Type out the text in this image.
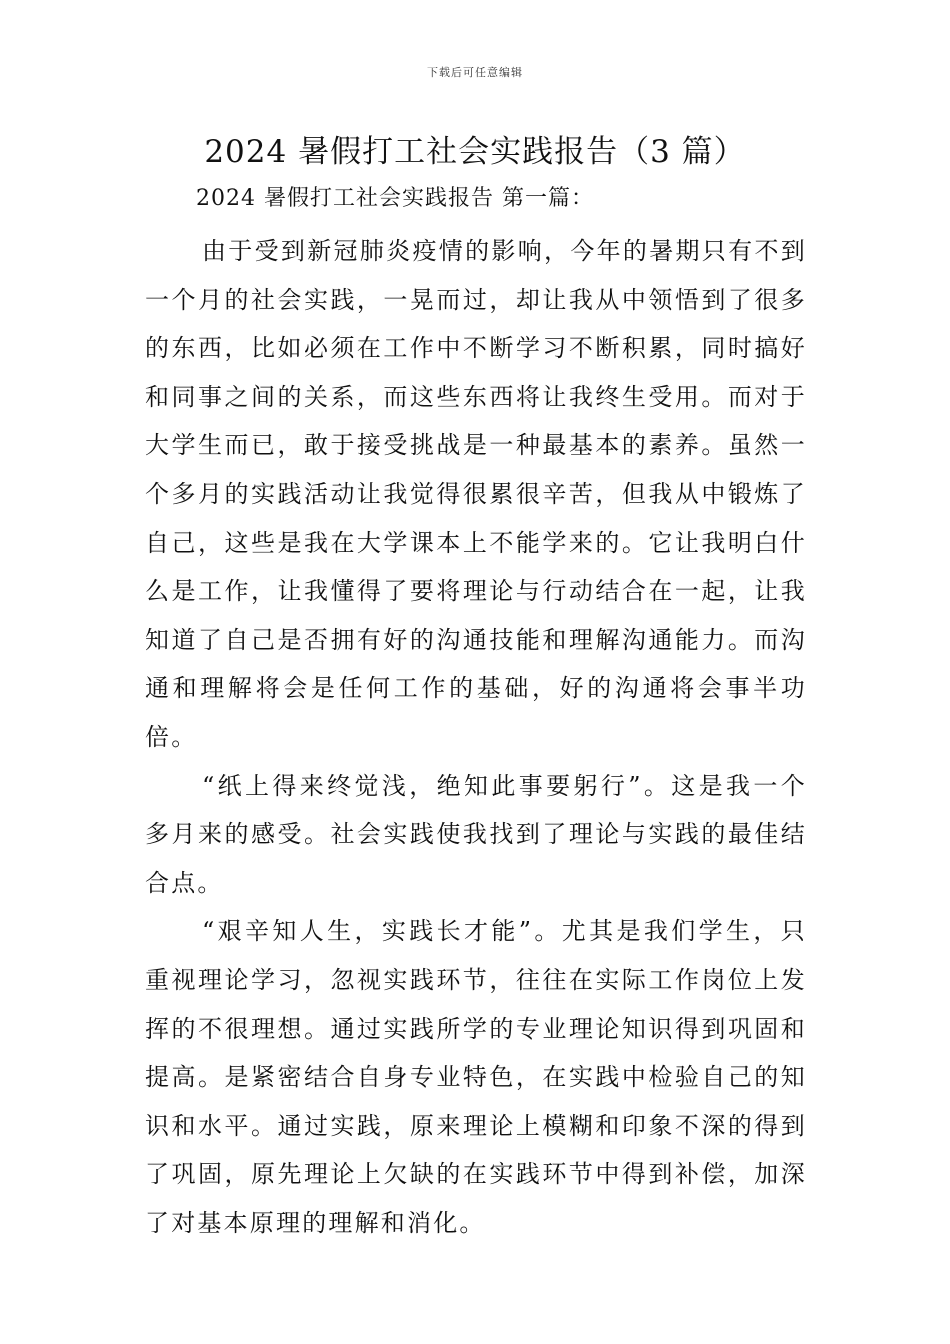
下载后可任意编辑
2024 暑假打工社会实践报告（3 篇）
2024 暑假打工社会实践报告 第一篇：

由于受到新冠肺炎疫情的影响，今年的暑期只有不到一个月的社会实践，一晃而过，却让我从中领悟到了很多的东西，比如必须在工作中不断学习不断积累，同时搞好和同事之间的关系，而这些东西将让我终生受用。而对于大学生而已，敢于接受挑战是一种最基本的素养。虽然一个多月的实践活动让我觉得很累很辛苦，但我从中锻炼了自己，这些是我在大学课本上不能学来的。它让我明白什么是工作，让我懂得了要将理论与行动结合在一起，让我知道了自己是否拥有好的沟通技能和理解沟通能力。而沟通和理解将会是任何工作的基础，好的沟通将会事半功倍。

“纸上得来终觉浅，绝知此事要躬行”。这是我一个多月来的感受。社会实践使我找到了理论与实践的最佳结合点。

“艰辛知人生，实践长才能”。尤其是我们学生，只重视理论学习，忽视实践环节，往往在实际工作岗位上发挥的不很理想。通过实践所学的专业理论知识得到巩固和提高。是紧密结合自身专业特色，在实践中检验自己的知识和水平。通过实践，原来理论上模糊和印象不深的得到了巩固，原先理论上欠缺的在实践环节中得到补偿，加深了对基本原理的理解和消化。
